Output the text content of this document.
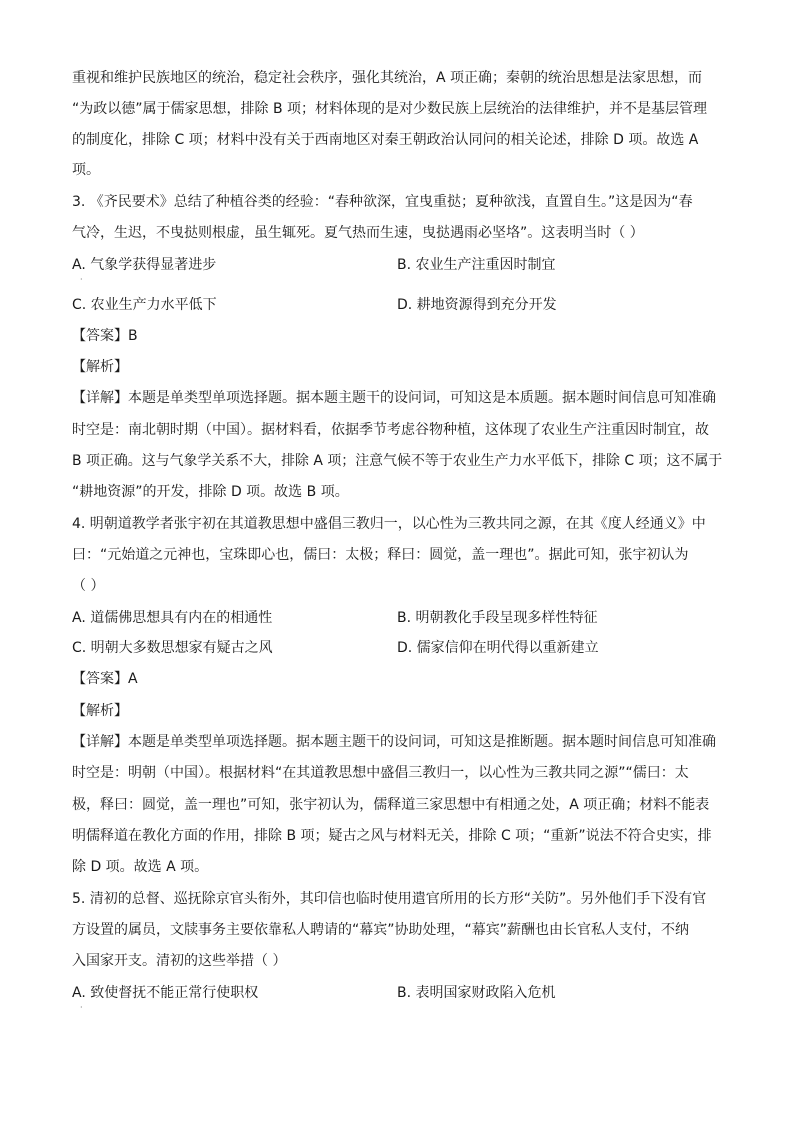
重视和维护民族地区的统治，稳定社会秩序，强化其统治，A 项正确；秦朝的统治思想是法家思想，而
“为政以德”属于儒家思想，排除 B 项；材料体现的是对少数民族上层统治的法律维护，并不是基层管理
的制度化，排除 C 项；材料中没有关于西南地区对秦王朝政治认同问的相关论述，排除 D 项。故选 A
项。
3. 《齐民要术》总结了种植谷类的经验：“春种欲深，宜曳重挞；夏种欲浅，直置自生。”这是因为“春
气冷，生迟，不曳挞则根虚，虽生辄死。夏气热而生速，曳挞遇雨必坚垎”。这表明当时（ ）
A. 气象学获得显著进步
·
B. 农业生产注重因时制宜
C. 农业生产力水平低下	D. 耕地资源得到充分开发
【答案】B
【解析】
【详解】本题是单类型单项选择题。据本题主题干的设问词，可知这是本质题。据本题时间信息可知准确
时空是：南北朝时期（中国）。据材料看，依据季节考虑谷物种植，这体现了农业生产注重因时制宜，故
B 项正确。这与气象学关系不大，排除 A 项；注意气候不等于农业生产力水平低下，排除 C 项；这不属于
“耕地资源”的开发，排除 D 项。故选 B 项。
4. 明朝道教学者张宇初在其道教思想中盛倡三教归一，以心性为三教共同之源，在其《度人经通义》中
曰：“元始道之元神也，宝珠即心也，儒曰：太极；释曰：圆觉，盖一理也”。据此可知，张宇初认为
（ ）
A. 道儒佛思想具有内在的相通性	B. 明朝教化手段呈现多样性特征
C. 明朝大多数思想家有疑古之风	D. 儒家信仰在明代得以重新建立
【答案】A
【解析】
【详解】本题是单类型单项选择题。据本题主题干的设问词，可知这是推断题。据本题时间信息可知准确
时空是：明朝（中国）。根据材料“在其道教思想中盛倡三教归一，以心性为三教共同之源”“儒曰：太
极，释曰：圆觉，盖一理也”可知，张宇初认为，儒释道三家思想中有相通之处，A 项正确；材料不能表
明儒释道在教化方面的作用，排除 B 项；疑古之风与材料无关，排除 C 项；“重新”说法不符合史实，排
除 D 项。故选 A 项。
5. 清初的总督、巡抚除京官头衔外，其印信也临时使用遣官所用的长方形“关防”。另外他们手下没有官
方设置的属员，文牍事务主要依靠私人聘请的“幕宾”协助处理，“幕宾”薪酬也由长官私人支付，不纳
入国家开支。清初的这些举措（ ）
A. 致使督抚不能正常行使职权
·
B. 表明国家财政陷入危机
